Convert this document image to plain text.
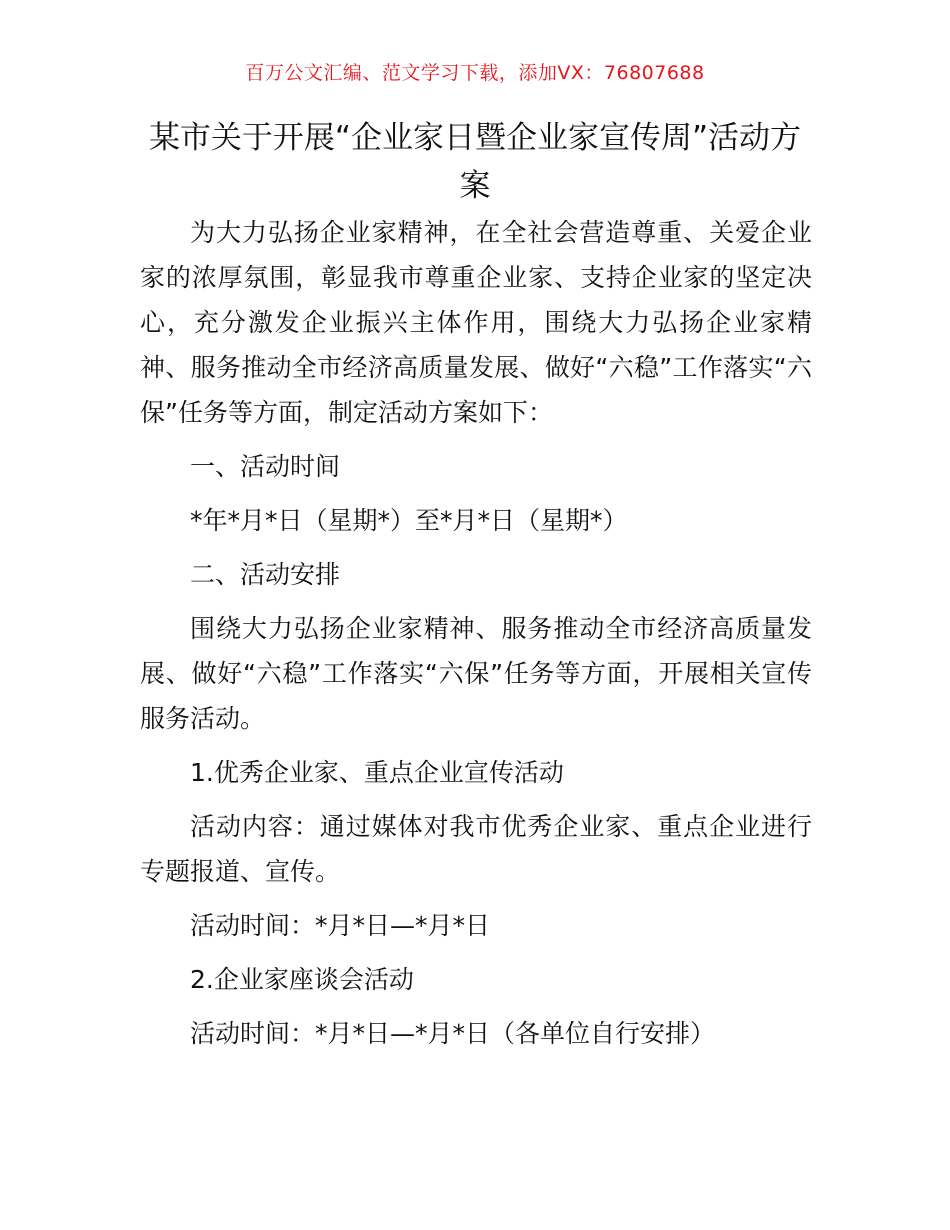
百万公文汇编、范文学习下载，添加VX：76807688
某市关于开展“企业家日暨企业家宣传周”活动方案

为大力弘扬企业家精神，在全社会营造尊重、关爱企业家的浓厚氛围，彰显我市尊重企业家、支持企业家的坚定决心，充分激发企业振兴主体作用，围绕大力弘扬企业家精神、服务推动全市经济高质量发展、做好“六稳”工作落实“六保”任务等方面，制定活动方案如下：

一、活动时间

*年*月*日（星期*）至*月*日（星期*）

二、活动安排

围绕大力弘扬企业家精神、服务推动全市经济高质量发展、做好“六稳”工作落实“六保”任务等方面，开展相关宣传服务活动。

1.优秀企业家、重点企业宣传活动

活动内容：通过媒体对我市优秀企业家、重点企业进行专题报道、宣传。

活动时间：*月*日—*月*日

2.企业家座谈会活动

活动时间：*月*日—*月*日（各单位自行安排）
